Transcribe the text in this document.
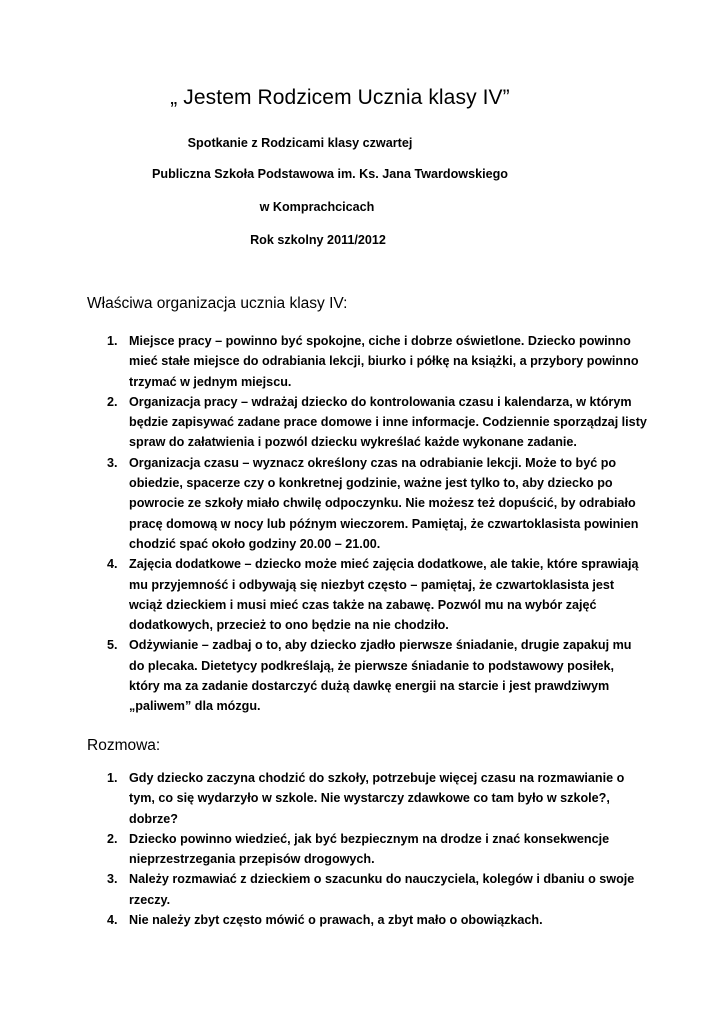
„ Jestem Rodzicem Ucznia klasy IV”

Spotkanie z Rodzicami klasy czwartej

Publiczna Szkoła Podstawowa im. Ks. Jana Twardowskiego

w Komprachcicach

Rok szkolny 2011/2012

Właściwa organizacja ucznia klasy IV:
1. Miejsce pracy – powinno być spokojne, ciche i dobrze oświetlone. Dziecko powinno mieć stałe miejsce do odrabiania lekcji, biurko i półkę na książki, a przybory powinno trzymać w jednym miejscu.
2. Organizacja pracy – wdrażaj dziecko do kontrolowania czasu i kalendarza, w którym będzie zapisywać zadane prace domowe i inne informacje. Codziennie sporządzaj listy spraw do załatwienia i pozwól dziecku wykreślać każde wykonane zadanie.
3. Organizacja czasu – wyznacz określony czas na odrabianie lekcji. Może to być po obiedzie, spacerze czy o konkretnej godzinie, ważne jest tylko to, aby dziecko po powrocie ze szkoły miało chwilę odpoczynku. Nie możesz też dopuścić, by odrabiało pracę domową w nocy lub późnym wieczorem. Pamiętaj, że czwartoklasista powinien chodzić spać około godziny 20.00 – 21.00.
4. Zajęcia dodatkowe – dziecko może mieć zajęcia dodatkowe, ale takie, które sprawiają mu przyjemność i odbywają się niezbyt często – pamiętaj, że czwartoklasista jest wciąż dzieckiem i musi mieć czas także na zabawę. Pozwól mu na wybór zajęć dodatkowych, przecież to ono będzie na nie chodziło.
5. Odżywianie – zadbaj o to, aby dziecko zjadło pierwsze śniadanie, drugie zapakuj mu do plecaka. Dietetycy podkreślają, że pierwsze śniadanie to podstawowy posiłek, który ma za zadanie dostarczyć dużą dawkę energii na starcie i jest prawdziwym „paliwem” dla mózgu.
Rozmowa:
1. Gdy dziecko zaczyna chodzić do szkoły, potrzebuje więcej czasu na rozmawianie o tym, co się wydarzyło w szkole. Nie wystarczy zdawkowe co tam było w szkole?, dobrze?
2. Dziecko powinno wiedzieć, jak być bezpiecznym na drodze i znać konsekwencje nieprzestrzegania przepisów drogowych.
3. Należy rozmawiać z dzieckiem o szacunku do nauczyciela, kolegów i dbaniu o swoje rzeczy.
4. Nie należy zbyt często mówić o prawach, a zbyt mało o obowiązkach.
